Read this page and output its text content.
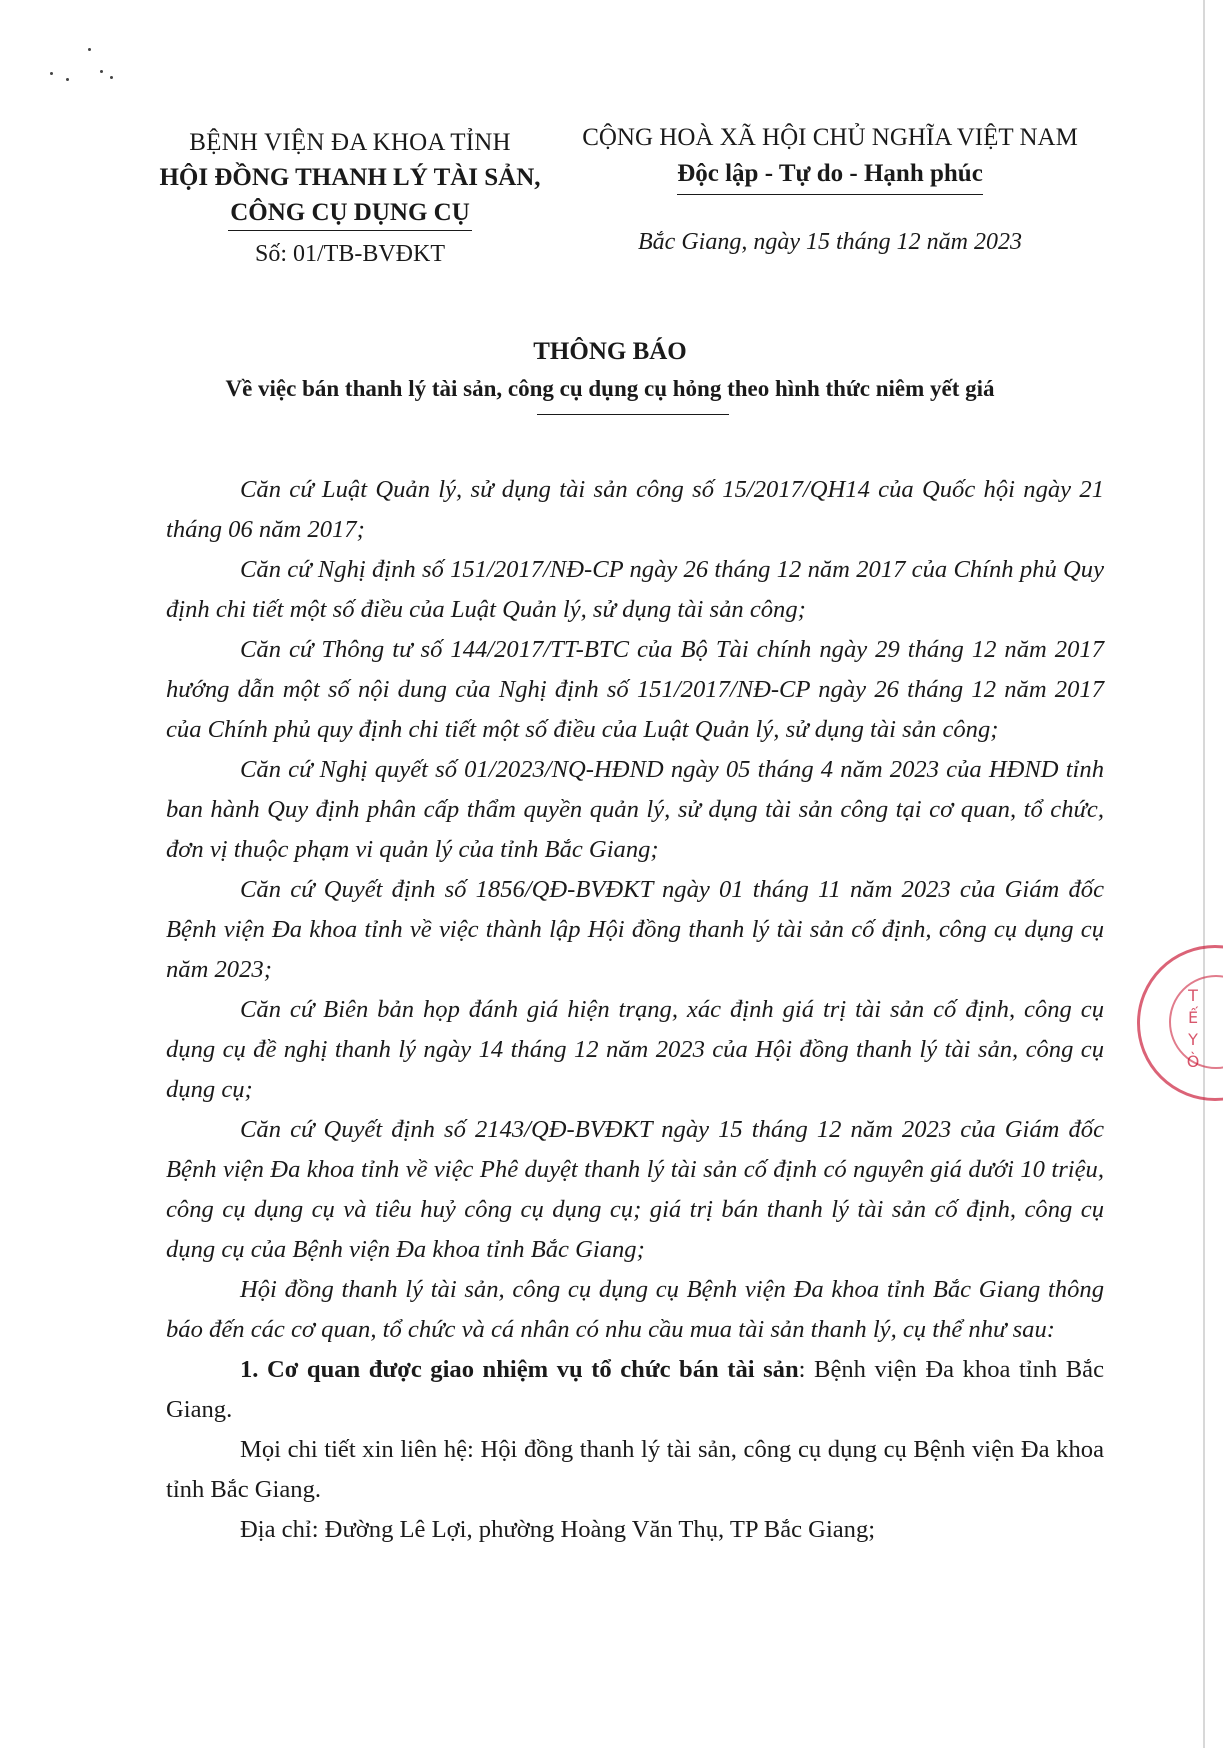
BỆNH VIỆN ĐA KHOA TỈNH
HỘI ĐỒNG THANH LÝ TÀI SẢN,
CÔNG CỤ DỤNG CỤ
Số: 01/TB-BVĐKT
CỘNG HOÀ XÃ HỘI CHỦ NGHĨA VIỆT NAM
Độc lập - Tự do - Hạnh phúc
Bắc Giang, ngày 15 tháng 12 năm 2023
THÔNG BÁO
Về việc bán thanh lý tài sản, công cụ dụng cụ hỏng theo hình thức niêm yết giá

Căn cứ Luật Quản lý, sử dụng tài sản công số 15/2017/QH14 của Quốc hội ngày 21 tháng 06 năm 2017;

Căn cứ Nghị định số 151/2017/NĐ-CP ngày 26 tháng 12 năm 2017 của Chính phủ Quy định chi tiết một số điều của Luật Quản lý, sử dụng tài sản công;

Căn cứ Thông tư số 144/2017/TT-BTC của Bộ Tài chính ngày 29 tháng 12 năm 2017 hướng dẫn một số nội dung của Nghị định số 151/2017/NĐ-CP ngày 26 tháng 12 năm 2017 của Chính phủ quy định chi tiết một số điều của Luật Quản lý, sử dụng tài sản công;

Căn cứ Nghị quyết số 01/2023/NQ-HĐND ngày 05 tháng 4 năm 2023 của HĐND tỉnh ban hành Quy định phân cấp thẩm quyền quản lý, sử dụng tài sản công tại cơ quan, tổ chức, đơn vị thuộc phạm vi quản lý của tỉnh Bắc Giang;

Căn cứ Quyết định số 1856/QĐ-BVĐKT ngày 01 tháng 11 năm 2023 của Giám đốc Bệnh viện Đa khoa tỉnh về việc thành lập Hội đồng thanh lý tài sản cố định, công cụ dụng cụ năm 2023;

Căn cứ Biên bản họp đánh giá hiện trạng, xác định giá trị tài sản cố định, công cụ dụng cụ đề nghị thanh lý ngày 14 tháng 12 năm 2023 của Hội đồng thanh lý tài sản, công cụ dụng cụ;

Căn cứ Quyết định số 2143/QĐ-BVĐKT ngày 15 tháng 12 năm 2023 của Giám đốc Bệnh viện Đa khoa tỉnh về việc Phê duyệt thanh lý tài sản cố định có nguyên giá dưới 10 triệu, công cụ dụng cụ và tiêu huỷ công cụ dụng cụ; giá trị bán thanh lý tài sản cố định, công cụ dụng cụ của Bệnh viện Đa khoa tỉnh Bắc Giang;

Hội đồng thanh lý tài sản, công cụ dụng cụ Bệnh viện Đa khoa tỉnh Bắc Giang thông báo đến các cơ quan, tổ chức và cá nhân có nhu cầu mua tài sản thanh lý, cụ thể như sau:

1. Cơ quan được giao nhiệm vụ tổ chức bán tài sản: Bệnh viện Đa khoa tỉnh Bắc Giang.

Mọi chi tiết xin liên hệ: Hội đồng thanh lý tài sản, công cụ dụng cụ Bệnh viện Đa khoa tỉnh Bắc Giang.

Địa chỉ: Đường Lê Lợi, phường Hoàng Văn Thụ, TP Bắc Giang;

T
Ế
Y
Ò
